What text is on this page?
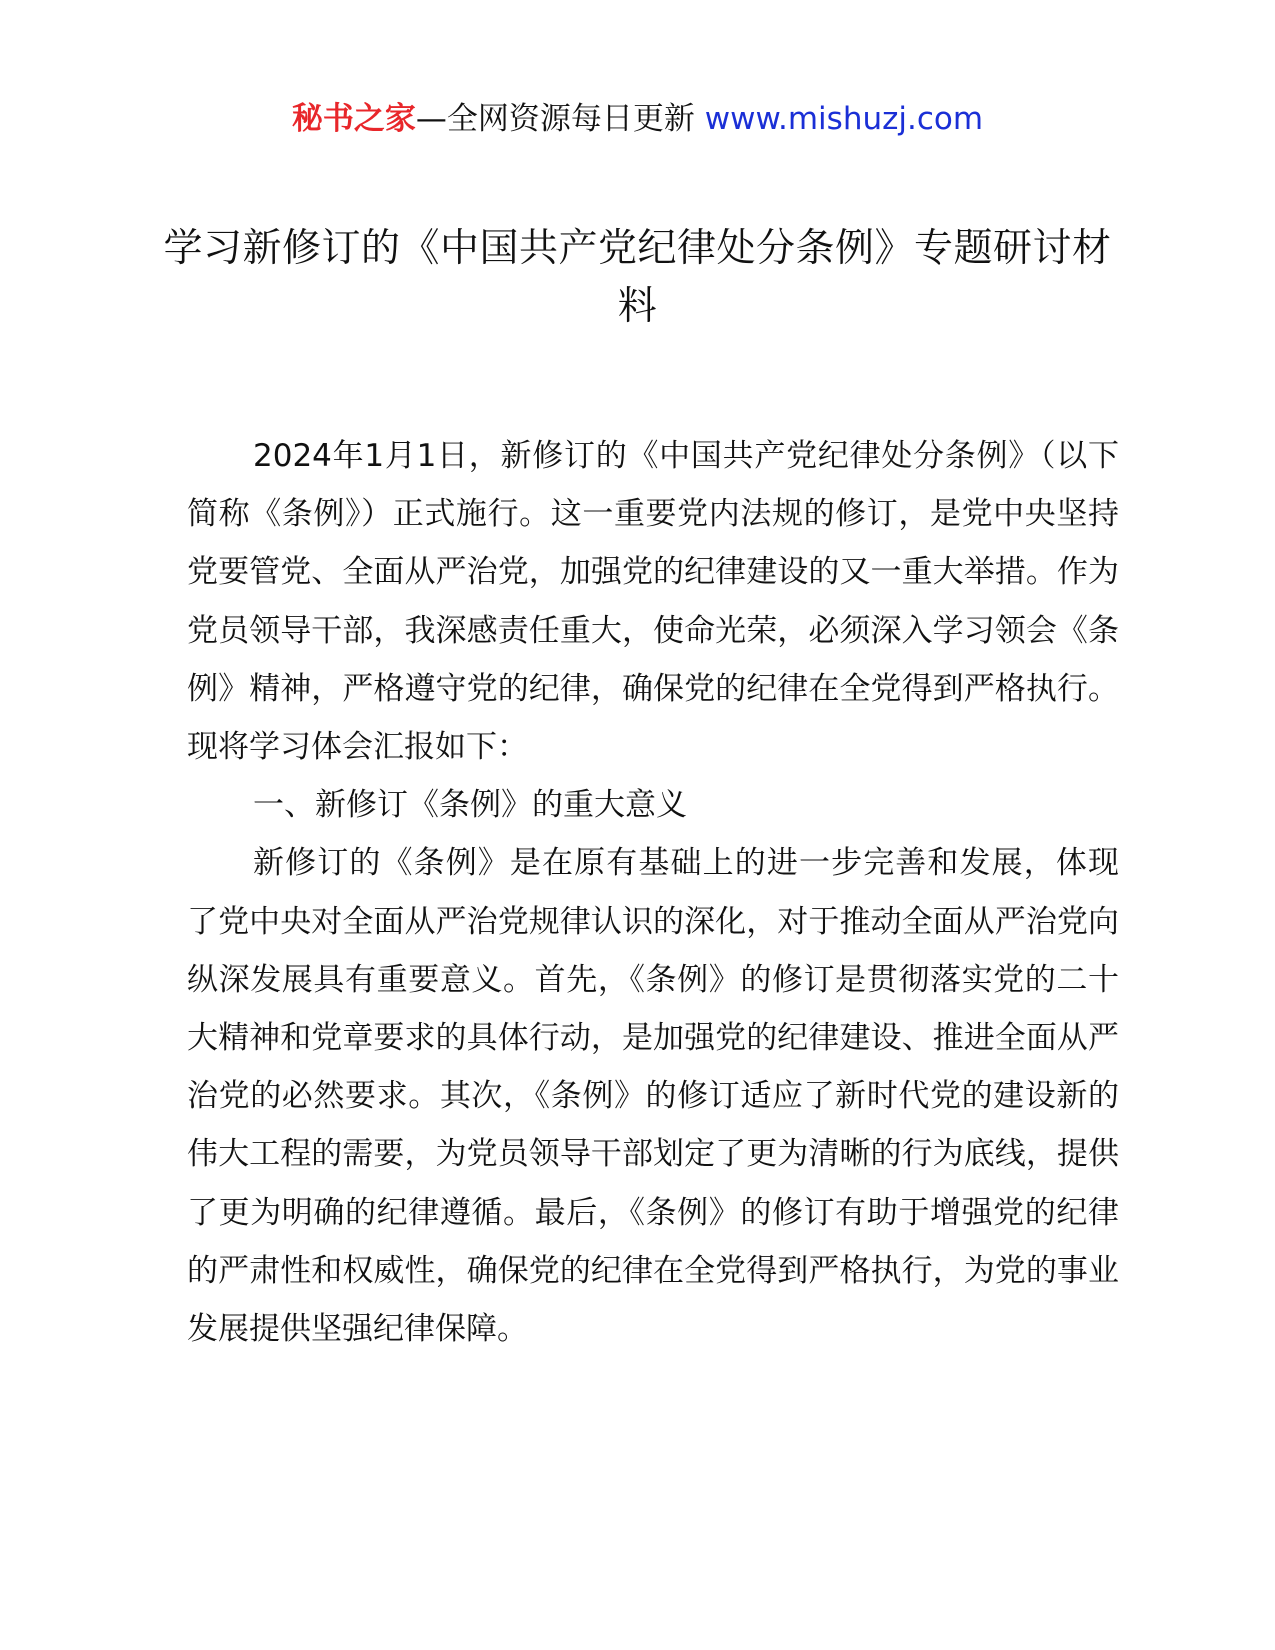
秘书之家—全网资源每日更新 www.mishuzj.com
学习新修订的《中国共产党纪律处分条例》专题研讨材料

2024年1月1日，新修订的《中国共产党纪律处分条例》（以下简称《条例》）正式施行。这一重要党内法规的修订，是党中央坚持党要管党、全面从严治党，加强党的纪律建设的又一重大举措。作为党员领导干部，我深感责任重大，使命光荣，必须深入学习领会《条例》精神，严格遵守党的纪律，确保党的纪律在全党得到严格执行。现将学习体会汇报如下：

一、新修订《条例》的重大意义

新修订的《条例》是在原有基础上的进一步完善和发展，体现了党中央对全面从严治党规律认识的深化，对于推动全面从严治党向纵深发展具有重要意义。首先，《条例》的修订是贯彻落实党的二十大精神和党章要求的具体行动，是加强党的纪律建设、推进全面从严治党的必然要求。其次，《条例》的修订适应了新时代党的建设新的伟大工程的需要，为党员领导干部划定了更为清晰的行为底线，提供了更为明确的纪律遵循。最后，《条例》的修订有助于增强党的纪律的严肃性和权威性，确保党的纪律在全党得到严格执行，为党的事业发展提供坚强纪律保障。
